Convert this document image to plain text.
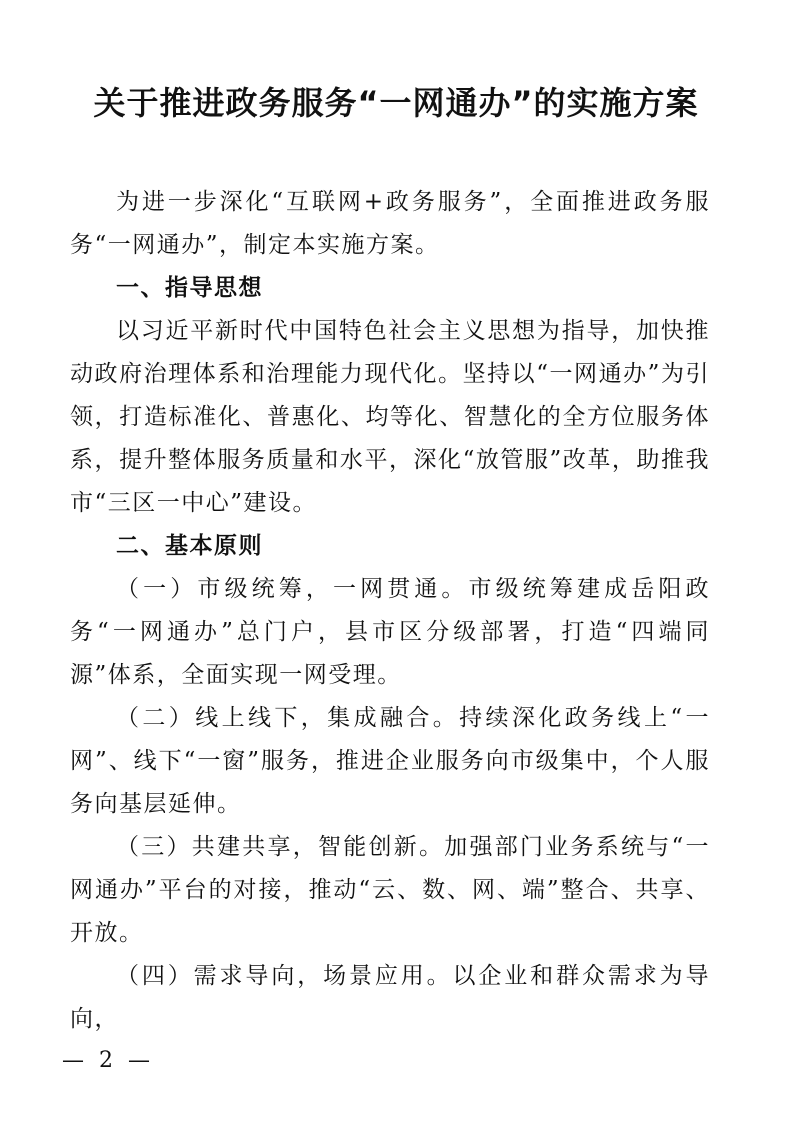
关于推进政务服务“一网通办”的实施方案

为进一步深化“互联网+政务服务”，全面推进政务服务“一网通办”，制定本实施方案。

一、指导思想

以习近平新时代中国特色社会主义思想为指导，加快推动政府治理体系和治理能力现代化。坚持以“一网通办”为引领，打造标准化、普惠化、均等化、智慧化的全方位服务体系，提升整体服务质量和水平，深化“放管服”改革，助推我市“三区一中心”建设。

二、基本原则

（一）市级统筹，一网贯通。市级统筹建成岳阳政务“一网通办”总门户，县市区分级部署，打造“四端同源”体系，全面实现一网受理。

（二）线上线下，集成融合。持续深化政务线上“一网”、线下“一窗”服务，推进企业服务向市级集中，个人服务向基层延伸。

（三）共建共享，智能创新。加强部门业务系统与“一网通办”平台的对接，推动“云、数、网、端”整合、共享、开放。

（四）需求导向，场景应用。以企业和群众需求为导向，

— 2 —
